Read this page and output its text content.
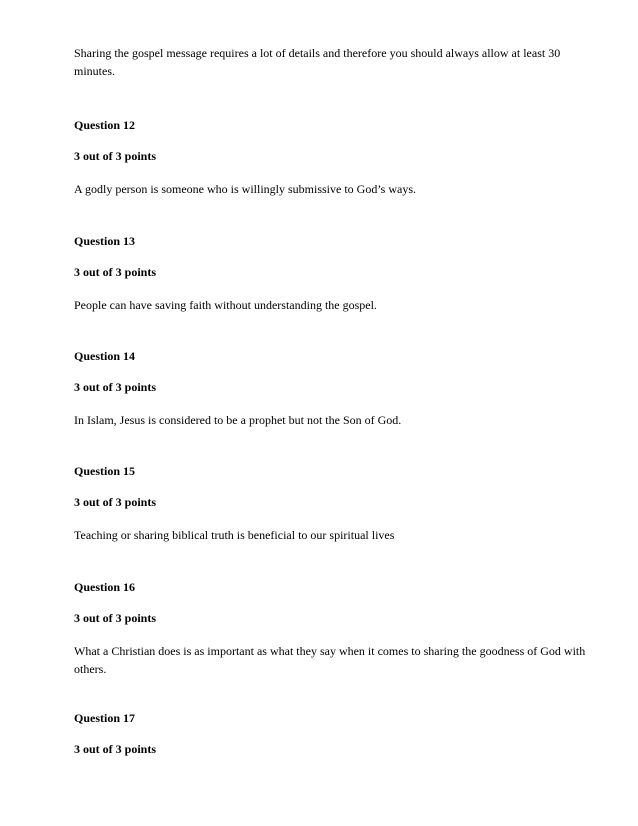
Sharing the gospel message requires a lot of details and therefore you should always allow at least 30 minutes.

Question 12

3 out of 3 points

A godly person is someone who is willingly submissive to God’s ways.

Question 13

3 out of 3 points

People can have saving faith without understanding the gospel.

Question 14

3 out of 3 points

In Islam, Jesus is considered to be a prophet but not the Son of God.

Question 15

3 out of 3 points

Teaching or sharing biblical truth is beneficial to our spiritual lives

Question 16

3 out of 3 points

What a Christian does is as important as what they say when it comes to sharing the goodness of God with others.

Question 17

3 out of 3 points
